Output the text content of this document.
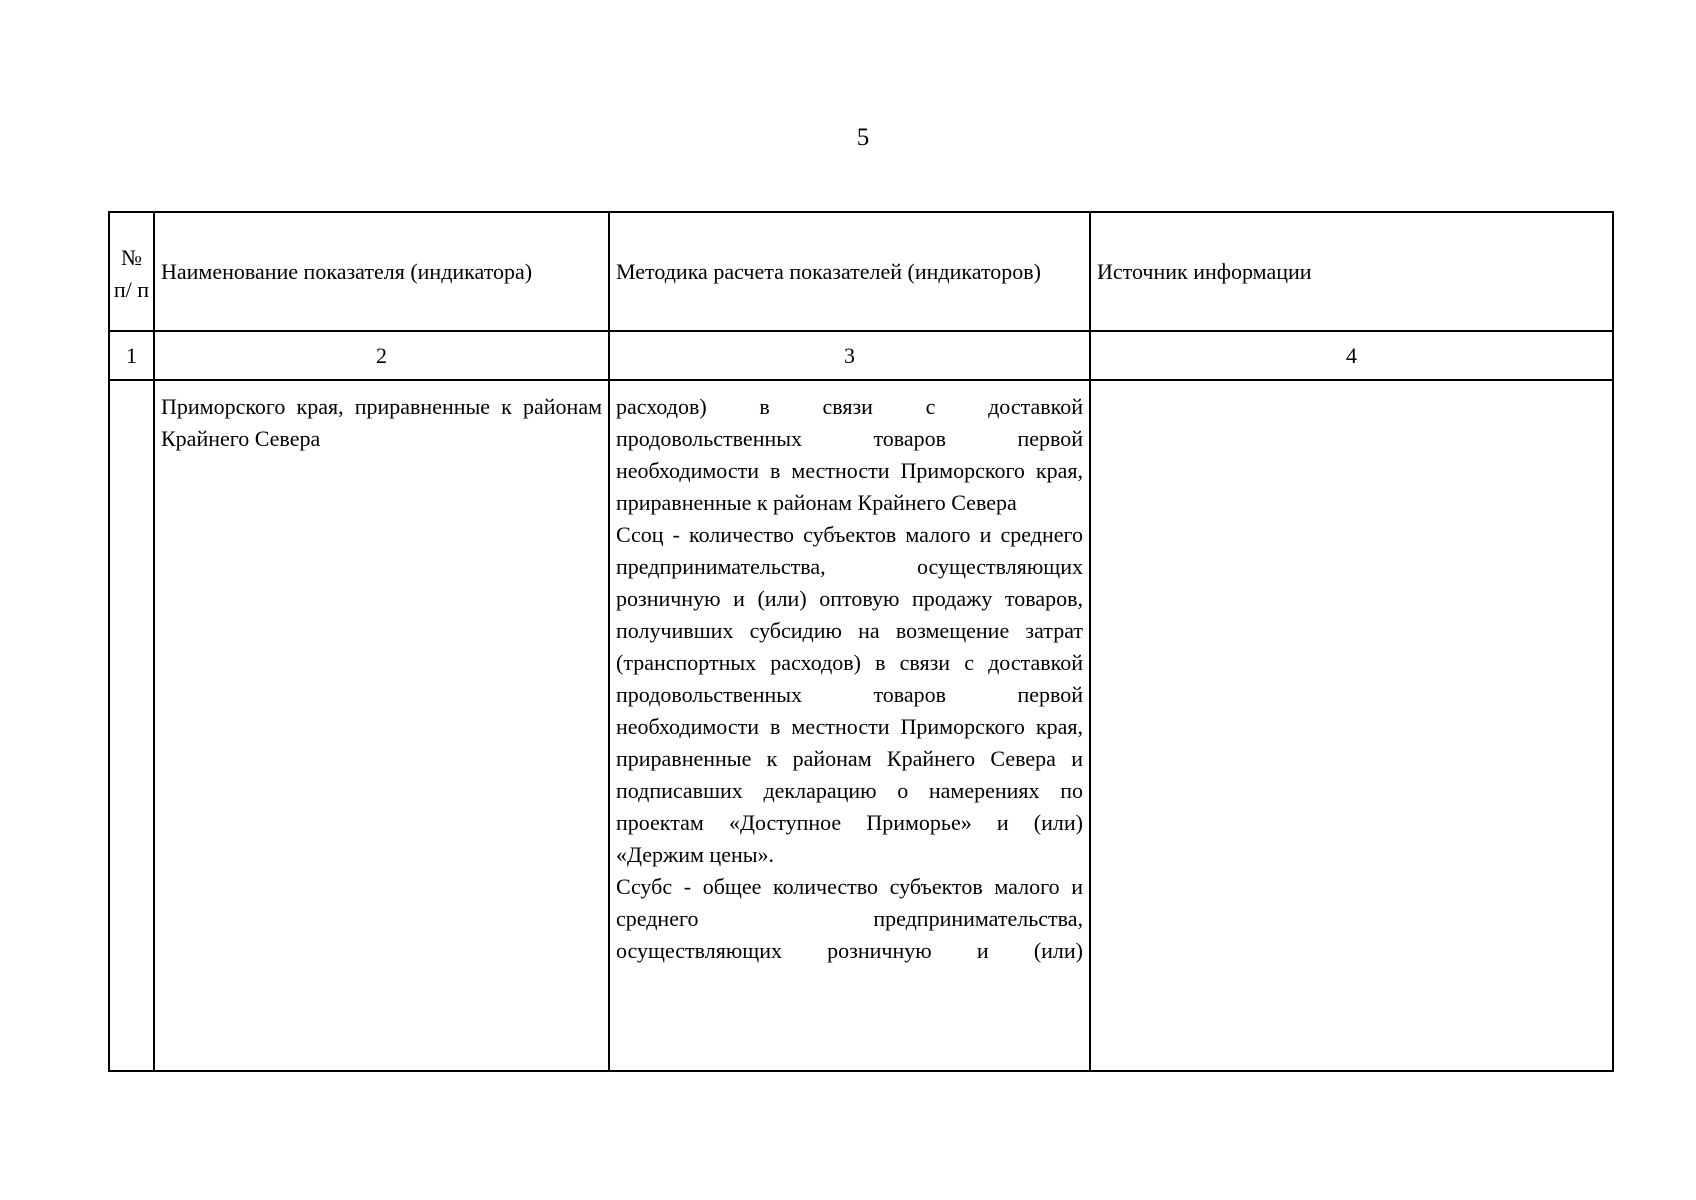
5
№ п/ п	Наименование показателя (индикатора)	Методика расчета показателей (индикаторов)	Источник информации
1	2	3	4
	Приморского края, приравненные к районам Крайнего Севера	расходов) в связи с доставкой продовольственных товаров первой необходимости в местности Приморского края, приравненные к районам Крайнего Севера
Ссоц - количество субъектов малого и среднего предпринимательства, осуществляющих розничную и (или) оптовую продажу товаров, получивших субсидию на возмещение затрат (транспортных расходов) в связи с доставкой продовольственных товаров первой необходимости в местности Приморского края, приравненные к районам Крайнего Севера и подписавших декларацию о намерениях по проектам «Доступное Приморье» и (или) «Держим цены».
Ссубс - общее количество субъектов малого и среднего предпринимательства, осуществляющих розничную и (или)	
